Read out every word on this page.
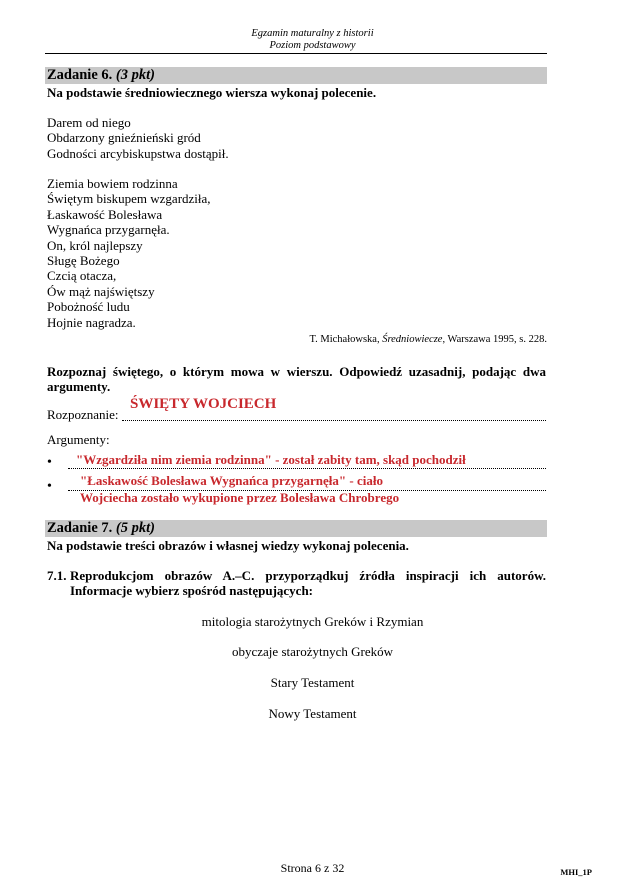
Egzamin maturalny z historii
Poziom podstawowy
Zadanie 6. (3 pkt)
Na podstawie średniowiecznego wiersza wykonaj polecenie.
Darem od niego
Obdarzony gnieźnieński gród
Godności arcybiskupstwa dostąpił.
Ziemia bowiem rodzinna
Świętym biskupem wzgardziła,
Łaskawość Bolesława
Wygnańca przygarnęła.
On, król najlepszy
Sługę Bożego
Czcią otacza,
Ów mąż najświętszy
Pobożność ludu
Hojnie nagradza.
T. Michałowska, Średniowiecze, Warszawa 1995, s. 228.
Rozpoznaj świętego, o którym mowa w wierszu. Odpowiedź uzasadnij, podając dwa
argumenty.
Rozpoznanie:
ŚWIĘTY WOJCIECH
Argumenty:
• "Wzgardziła nim ziemia rodzinna" - został zabity tam, skąd pochodził
• "Łaskawość Bolesława Wygnańca przygarnęła" - ciało
Wojciecha zostało wykupione przez Bolesława Chrobrego
Zadanie 7. (5 pkt)
Na podstawie treści obrazów i własnej wiedzy wykonaj polecenia.
7.1. Reprodukcjom obrazów A.–C. przyporządkuj źródła inspiracji ich autorów.
Informacje wybierz spośród następujących:
mitologia starożytnych Greków i Rzymian
obyczaje starożytnych Greków
Stary Testament
Nowy Testament
Strona 6 z 32	MHI_1P
